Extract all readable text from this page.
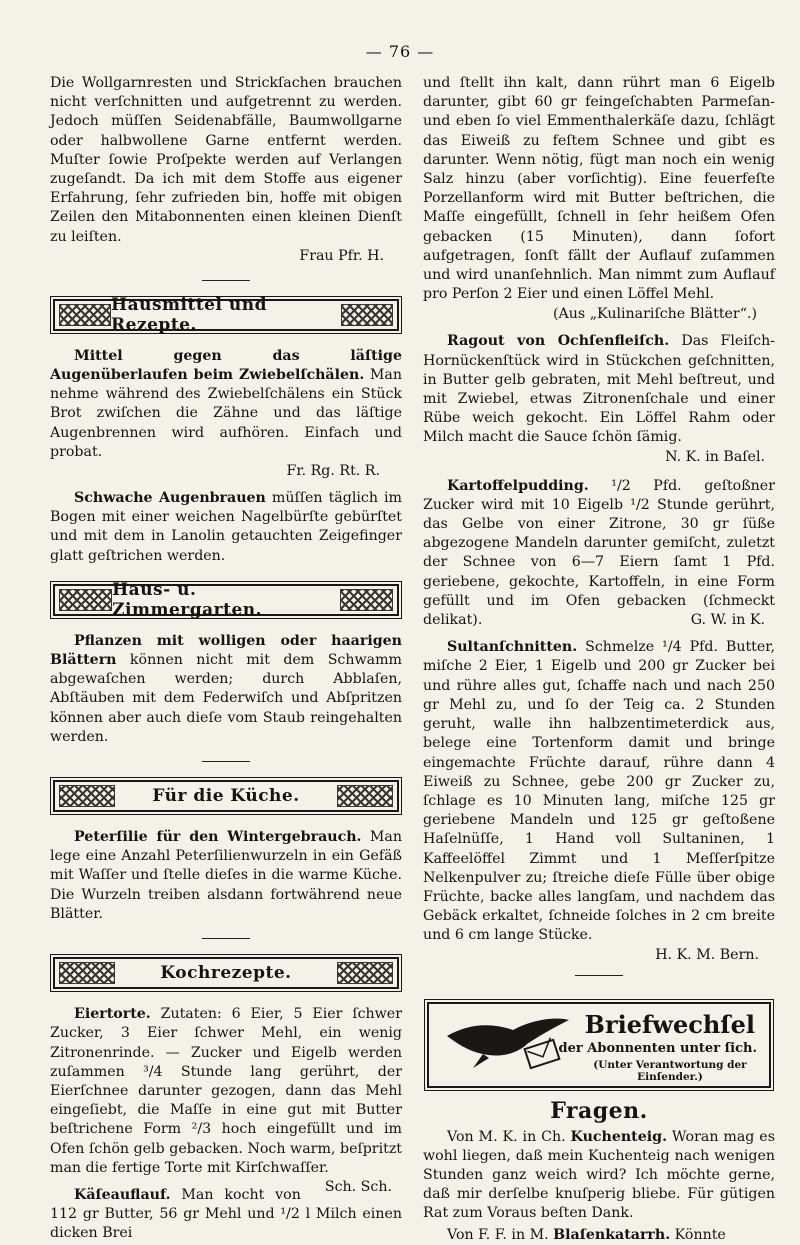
— 76 —

Die Wollgarnresten und Strickſachen brauchen nicht verſchnitten und aufgetrennt zu werden. Jedoch müſſen Seidenabfälle, Baumwollgarne oder halbwollene Garne entfernt werden. Muſter ſowie Proſpekte werden auf Verlangen zugeſandt. Da ich mit dem Stoffe aus eigener Erfahrung, ſehr zufrieden bin, hoffe mit obigen Zeilen den Mitabonnenten einen kleinen Dienſt zu leiſten.

Frau Pfr. H.
Hausmittel und Rezepte.

Mittel gegen das läſtige Augenüberlaufen beim Zwiebelſchälen. Man nehme während des Zwiebelſchälens ein Stück Brot zwiſchen die Zähne und das läſtige Augenbrennen wird aufhören. Einfach und probat.

Fr. Rg. Rt. R.

Schwache Augenbrauen müſſen täglich im Bogen mit einer weichen Nagelbürſte gebürſtet und mit dem in Lanolin getauchten Zeigefinger glatt geſtrichen werden.

Haus- u. Zimmergarten.

Pflanzen mit wolligen oder haarigen Blättern können nicht mit dem Schwamm abgewaſchen werden; durch Abblaſen, Abſtäuben mit dem Federwiſch und Abſpritzen können aber auch dieſe vom Staub reingehalten werden.

Für die Küche.

Peterſilie für den Wintergebrauch. Man lege eine Anzahl Peterſilienwurzeln in ein Gefäß mit Waſſer und ſtelle dieſes in die warme Küche. Die Wurzeln treiben alsdann fortwährend neue Blätter.

Kochrezepte.

Eiertorte. Zutaten: 6 Eier, 5 Eier ſchwer Zucker, 3 Eier ſchwer Mehl, ein wenig Zitronenrinde. — Zucker und Eigelb werden zuſammen ³/4 Stunde lang gerührt, der Eierſchnee darunter gezogen, dann das Mehl eingeſiebt, die Maſſe in eine gut mit Butter beſtrichene Form ²/3 hoch eingefüllt und im Ofen ſchön gelb gebacken. Noch warm, beſpritzt man die fertige Torte mit Kirſchwaſſer.
Sch. Sch.

Käſeauflauf. Man kocht von 112 gr Butter, 56 gr Mehl und ¹/2 l Milch einen dicken Brei

und ſtellt ihn kalt, dann rührt man 6 Eigelb darunter, gibt 60 gr feingeſchabten Parmeſan- und eben ſo viel Emmenthalerkäſe dazu, ſchlägt das Eiweiß zu feſtem Schnee und gibt es darunter. Wenn nötig, fügt man noch ein wenig Salz hinzu (aber vorſichtig). Eine feuerfeſte Porzellanform wird mit Butter beſtrichen, die Maſſe eingefüllt, ſchnell in ſehr heißem Ofen gebacken (15 Minuten), dann ſofort aufgetragen, ſonſt fällt der Auflauf zuſammen und wird unanſehnlich. Man nimmt zum Auflauf pro Perſon 2 Eier und einen Löffel Mehl.

(Aus „Kulinariſche Blätter“.)

Ragout von Ochſenfleiſch. Das Fleiſch-Hornückenſtück wird in Stückchen geſchnitten, in Butter gelb gebraten, mit Mehl beſtreut, und mit Zwiebel, etwas Zitronenſchale und einer Rübe weich gekocht. Ein Löffel Rahm oder Milch macht die Sauce ſchön ſämig.

N. K. in Baſel.

Kartoffelpudding. ¹/2 Pfd. geſtoßner Zucker wird mit 10 Eigelb ¹/2 Stunde gerührt, das Gelbe von einer Zitrone, 30 gr ſüße abgezogene Mandeln darunter gemiſcht, zuletzt der Schnee von 6—7 Eiern ſamt 1 Pfd. geriebene, gekochte, Kartoffeln, in eine Form gefüllt und im Ofen gebacken (ſchmeckt delikat).	G. W. in K.

Sultanſchnitten. Schmelze ¹/4 Pfd. Butter, miſche 2 Eier, 1 Eigelb und 200 gr Zucker bei und rühre alles gut, ſchaffe nach und nach 250 gr Mehl zu, und ſo der Teig ca. 2 Stunden geruht, walle ihn halbzentimeterdick aus, belege eine Tortenform damit und bringe eingemachte Früchte darauf, rühre dann 4 Eiweiß zu Schnee, gebe 200 gr Zucker zu, ſchlage es 10 Minuten lang, miſche 125 gr geriebene Mandeln und 125 gr geſtoßene Haſelnüſſe, 1 Hand voll Sultaninen, 1 Kaffeelöffel Zimmt und 1 Meſſerſpitze Nelkenpulver zu; ſtreiche dieſe Fülle über obige Früchte, backe alles langſam, und nachdem das Gebäck erkaltet, ſchneide ſolches in 2 cm breite und 6 cm lange Stücke.

H. K. M. Bern.
Briefwechſel
der Abonnenten unter ſich.
(Unter Verantwortung der Einſender.)
Fragen.

Von M. K. in Ch. Kuchenteig. Woran mag es wohl liegen, daß mein Kuchenteig nach wenigen Stunden ganz weich wird? Ich möchte gerne, daß mir derſelbe knuſperig bliebe. Für gütigen Rat zum Voraus beſten Dank.

Von F. F. in M. Blaſenkatarrh. Könnte
